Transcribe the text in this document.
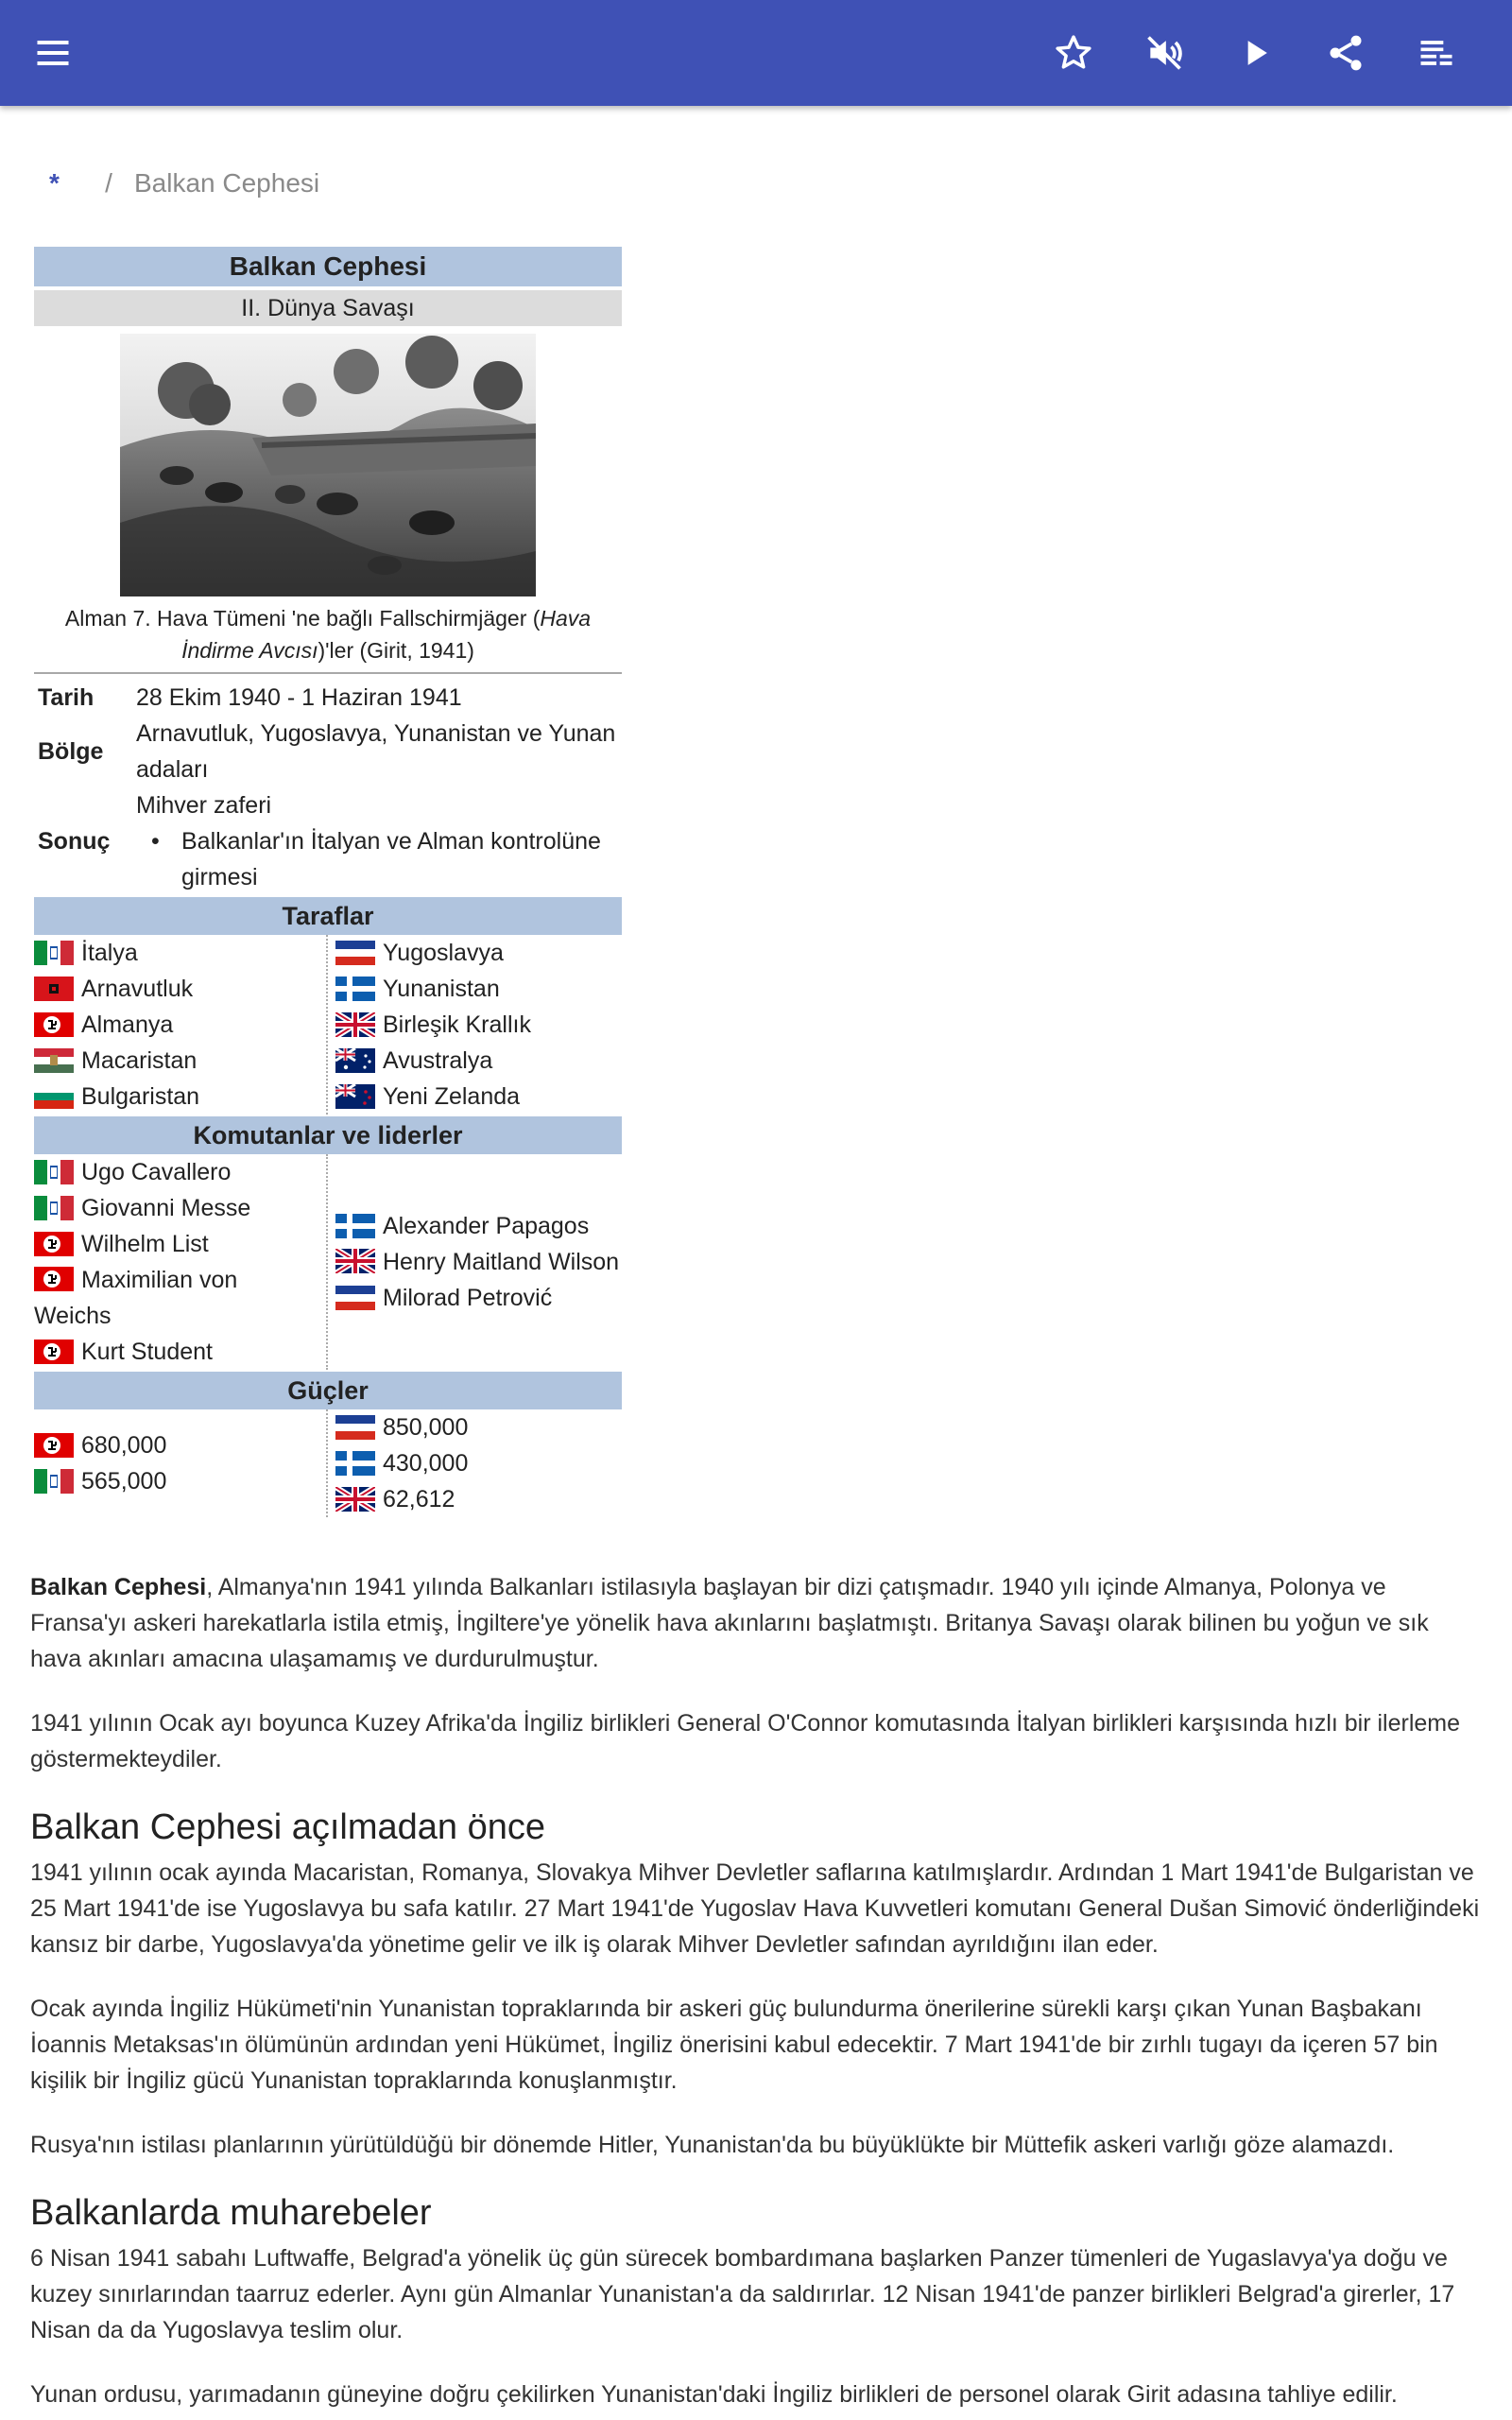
*	/ Balkan Cephesi
Balkan Cephesi
II. Dünya Savaşı
Alman 7. Hava Tümeni 'ne bağlı Fallschirmjäger (Hava İndirme Avcısı)'ler (Girit, 1941)
Tarih	28 Ekim 1940 - 1 Haziran 1941
Bölge
Arnavutluk, Yugoslavya, Yunanistan ve Yunan adaları
Sonuç
Mihver zaferi
• Balkanlar'ın İtalyan ve Alman kontrolüne girmesi
Taraflar
İtalya
Arnavutluk
Almanya
Macaristan
Bulgaristan
Yugoslavya
Yunanistan
Birleşik Krallık
Avustralya
Yeni Zelanda
Komutanlar ve liderler
Ugo Cavallero
Giovanni Messe
Wilhelm List
Maximilian von Weichs
Kurt Student
Alexander Papagos
Henry Maitland Wilson
Milorad Petrović
Güçler
680,000
565,000
850,000
430,000
62,612

Balkan Cephesi, Almanya'nın 1941 yılında Balkanları istilasıyla başlayan bir dizi çatışmadır. 1940 yılı içinde Almanya, Polonya ve Fransa'yı askeri harekatlarla istila etmiş, İngiltere'ye yönelik hava akınlarını başlatmıştı. Britanya Savaşı olarak bilinen bu yoğun ve sık hava akınları amacına ulaşamamış ve durdurulmuştur.

1941 yılının Ocak ayı boyunca Kuzey Afrika'da İngiliz birlikleri General O'Connor komutasında İtalyan birlikleri karşısında hızlı bir ilerleme göstermekteydiler.

Balkan Cephesi açılmadan önce

1941 yılının ocak ayında Macaristan, Romanya, Slovakya Mihver Devletler saflarına katılmışlardır. Ardından 1 Mart 1941'de Bulgaristan ve 25 Mart 1941'de ise Yugoslavya bu safa katılır. 27 Mart 1941'de Yugoslav Hava Kuvvetleri komutanı General Dušan Simović önderliğindeki kansız bir darbe, Yugoslavya'da yönetime gelir ve ilk iş olarak Mihver Devletler safından ayrıldığını ilan eder.

Ocak ayında İngiliz Hükümeti'nin Yunanistan topraklarında bir askeri güç bulundurma önerilerine sürekli karşı çıkan Yunan Başbakanı İoannis Metaksas'ın ölümünün ardından yeni Hükümet, İngiliz önerisini kabul edecektir. 7 Mart 1941'de bir zırhlı tugayı da içeren 57 bin kişilik bir İngiliz gücü Yunanistan topraklarında konuşlanmıştır.

Rusya'nın istilası planlarının yürütüldüğü bir dönemde Hitler, Yunanistan'da bu büyüklükte bir Müttefik askeri varlığı göze alamazdı.

Balkanlarda muharebeler

6 Nisan 1941 sabahı Luftwaffe, Belgrad'a yönelik üç gün sürecek bombardımana başlarken Panzer tümenleri de Yugaslavya'ya doğu ve kuzey sınırlarından taarruz ederler. Aynı gün Almanlar Yunanistan'a da saldırırlar. 12 Nisan 1941'de panzer birlikleri Belgrad'a girerler, 17 Nisan da da Yugoslavya teslim olur.

Yunan ordusu, yarımadanın güneyine doğru çekilirken Yunanistan'daki İngiliz birlikleri de personel olarak Girit adasına tahliye edilir.
